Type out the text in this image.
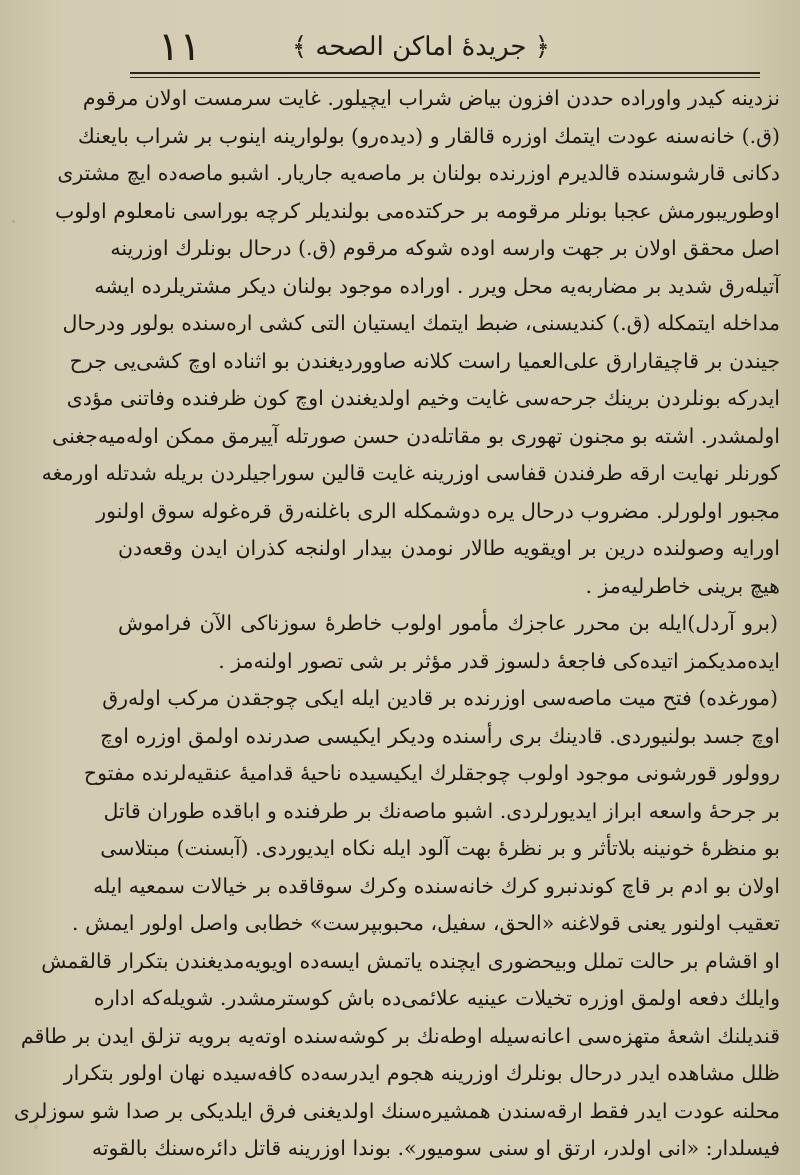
١١	﴿ جريدهٔ اماكن الصحه ﴾
نزدینه كیدر واوراده حددن افزون بیاض شراب ایچیلور. غایت سرمست اولان مرقوم
(ق.) خانه‌سنه عودت ایتمك اوزره قالقار و (دیده‌رو) بولوارینه اینوب بر شراب بایعنك
دكانی قارشوسنده قالدیرم اوزرنده بولنان بر ماصه‌یه جاریار. اشبو ماصه‌ده ایچ مشتری
اوطوریبورمش عجبا بونلر مرقومه بر حركتده‌می بولندیلر كرچه بوراسی نامعلوم اولوب
اصل محقق اولان بر جهت وارسه اوده شوكه مرقوم (ق.) درحال بونلرك اوزرینه
آتیله‌رق شدید بر مضاربه‌یه محل ویرر . اوراده موجود بولنان دیكر مشتریلرده ایشه
مداخله ایتمكله (ق.) كندیسنی، ضبط ایتمك ایستیان التی كشی اره‌سنده بولور ودرحال
جیندن بر قاچیقارارق علی‌العمیا راست كلانه صاووردیغندن بو اثناده اوچ كشی‌یی جرح
ایدركه بونلردن برینك جرحه‌سی غایت وخیم اولدیغندن اوچ كون ظرفنده وفاتنی مؤدی
اولمشدر. اشته بو مجنون تهوری بو مقاتله‌دن حسن صورتله آییرمق ممكن اوله‌میه‌جغنی
كورنلر نهایت ارقه طرفندن قفاسی اوزرینه غایت قالین سوراجیلردن بریله شدتله اورمغه
مجبور اولورلر. مضروب درحال یره دوشمكله الری باغلنه‌رق قره‌غوله سوق اولنور
اورایه وصولنده درین بر اویقویه طالار نومدن بیدار اولنجه كذران ایدن وقعه‌دن
هیچ برینی خاطرلیه‌مز .
(برو آردل)ایله بن محرر عاجزك مأمور اولوب خاطرهٔ سوزناكی الآن فراموش
ایده‌مدیكمز اتیده‌كی فاجعهٔ دلسوز قدر مؤثر بر شی تصور اولنه‌مز .
(مورغده) فتح میت ماصه‌سی اوزرنده بر قادین ایله ایكی چوجقدن مركب اوله‌رق
اوچ جسد بولنیوردی. قادینك بری رأسنده ودیكر ایكیسی صدرنده اولمق اوزره اوچ
روولور قورشونی موجود اولوب چوجقلرك ایكیسیده ناحیهٔ قدامیهٔ عنقیه‌لرنده مفتوح
بر جرحهٔ واسعه ابراز ایدیورلردی. اشبو ماصه‌نك بر طرفنده و اباقده طوران قاتل
بو منظرهٔ خونینه بلاتأثر و بر نظرهٔ بهت آلود ایله نكاه ایدیوردی. (آبسنت) مبتلاسی
اولان بو ادم بر قاچ كوندنبرو كرك خانه‌سنده وكرك سوقاقده بر خیالات سمعیه ایله
تعقیب اولنور یعنی قولاغنه «الحق، سفیل، محبوبپرست» خطابی واصل اولور ایمش .
او اقشام بر حالت تملل وبیحضوری ایچنده یاتمش ایسه‌ده اویویه‌مدیغندن بتكرار قالقمش
وایلك دفعه اولمق اوزره تخیلات عینیه علائمی‌ده باش كوسترمشدر. شویله‌كه اداره
قندیلنك اشعهٔ متهزه‌سی اعانه‌سیله اوطه‌نك بر كوشه‌سنده اوته‌یه برویه تزلق ایدن بر طاقم
ظلل مشاهده ایدر درحال بونلرك اوزرینه هجوم ایدرسه‌ده كافه‌سیده نهان اولور بتكرار
محلنه عودت ایدر فقط ارقه‌سندن همشیره‌سنك اولدیغنی فرق ایلدیكی بر صدا شو سوزلری
فیسلدار: «انی اولدر، ارتق او سنی سومیور». بوندا اوزرینه قاتل دائره‌سنك بالقوته
